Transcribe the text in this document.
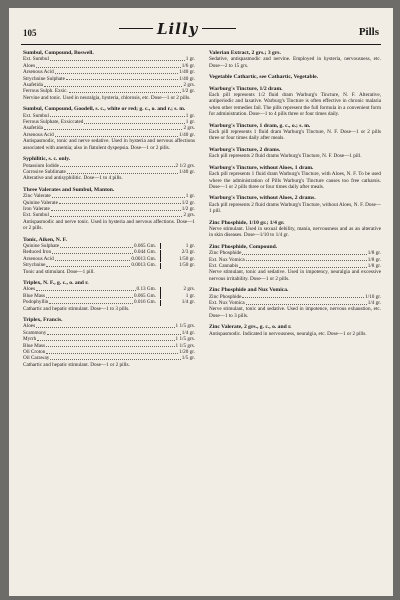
105	Lilly	Pills
Sumbul, Compound, Boswell.
Ext. Sumbul	1 gr.
Aloes	1/6 gr.
Arsenous Acid	1/40 gr.
Strychnine Sulphate	1/40 gr.
Asafetida	2 grs.
Ferrous Sulph. Exsic.	1/2 gr.
Nervine and tonic. Used in neuralgia, hysteria, chlorosis, etc. Dose—1 or 2 pills.
Sumbul, Compound, Goodell, s. c., white or red; g. c., o. and r.; s. m.
Ext. Sumbul	1 gr.
Ferrous Sulphate, Exsiccated	1 gr.
Asafetida	2 grs.
Arsenous Acid	1/40 gr.
Antispasmodic, tonic and nerve sedative. Used in hysteria and nervous affections associated with anemia; also in flatulent dyspepsia. Dose—1 or 2 pills.
Syphilitic, s. c. only.
Potassium Iodide	2 1/2 grs.
Corrosive Sublimate	1/40 gr.
Alterative and antisyphilitic. Dose—1 to 4 pills.
Three Valerates and Sumbul, Manton.
Zinc Valerate	1 gr.
Quinine Valerate	1/2 gr.
Iron Valerate	1/2 gr.
Ext. Sumbul	2 grs.
Antispasmodic and nerve tonic. Used in hysteria and nervous affections. Dose—1 or 2 pills.
Tonic, Aiken, N. F.
Quinine Sulphate	0.065 Gm.	1 gr.
Reduced Iron	0.044 Gm.	2/3 gr.
Arsenous Acid	0.0013 Gm.	1/50 gr.
Strychnine	0.0013 Gm.	1/50 gr.
Tonic and stimulant. Dose—1 pill.
Triplex, N. F., g. c., o. and r.
Aloes	0.13 Gm.	2 grs.
Blue Mass	0.065 Gm.	1 gr.
Podophyllin	0.016 Gm.	1/4 gr.
Cathartic and hepatic stimulant. Dose—1 to 3 pills.
Triplex, Francis.
Aloes	1 1/5 grs.
Scammony	1/4 gr.
Myrrh	1 1/5 grs.
Blue Mass	1 1/5 grs.
Oil Croton	1/20 gr.
Oil Caraway	1/5 gr.
Cathartic and hepatic stimulant. Dose—1 or 2 pills.
Valerian Extract, 2 grs.; 3 grs.
Sedative, antispasmodic and nervine. Employed in hysteria, nervousness, etc. Dose—2 to 15 grs.
Vegetable Cathartic, see Cathartic, Vegetable.
Warburg's Tincture, 1/2 dram.
Each pill represents 1/2 fluid dram Warburg's Tincture, N. F. Alterative, antiperiodic and laxative. Warburg's Tincture is often effective in chronic malaria when other remedies fail. The pills represent the full formula in a convenient form for administration. Dose—1 to 4 pills three or four times daily.
Warburg's Tincture, 1 dram, g. c., o.; s. m.
Each pill represents 1 fluid dram Warburg's Tincture, N. F. Dose—1 or 2 pills three or four times daily after meals.
Warburg's Tincture, 2 drams.
Each pill represents 2 fluid drams Warburg's Tincture, N. F. Dose—1 pill.
Warburg's Tincture, without Aloes, 1 dram.
Each pill represents 1 fluid dram Warburg's Tincture, with Aloes, N. F. To be used where the administration of Pills Warburg's Tincture causes too free catharsis. Dose—1 or 2 pills three or four times daily after meals.
Warburg's Tincture, without Aloes, 2 drams.
Each pill represents 2 fluid drams Warburg's Tincture, without Aloes, N. F. Dose—1 pill.
Zinc Phosphide, 1/10 gr.; 1/4 gr.
Nerve stimulant. Used in sexual debility, mania, nervousness and as an alterative in skin diseases. Dose—1/10 to 1/4 gr.
Zinc Phosphide, Compound.
Zinc Phosphide	1/8 gr.
Ext. Nux Vomica	1/8 gr.
Ext. Cannabis	1/8 gr.
Nerve stimulant, tonic and sedative. Used in impotency, neuralgia and excessive nervous irritability. Dose—1 or 2 pills.
Zinc Phosphide and Nux Vomica.
Zinc Phosphide	1/10 gr.
Ext. Nux Vomica	1/4 gr.
Nerve stimulant, tonic and sedative. Used in impotence, nervous exhaustion, etc. Dose—1 to 3 pills.
Zinc Valerate, 2 grs., g. c., o. and r.
Antispasmodic. Indicated in nervousness, neuralgia, etc. Dose—1 or 2 pills.
